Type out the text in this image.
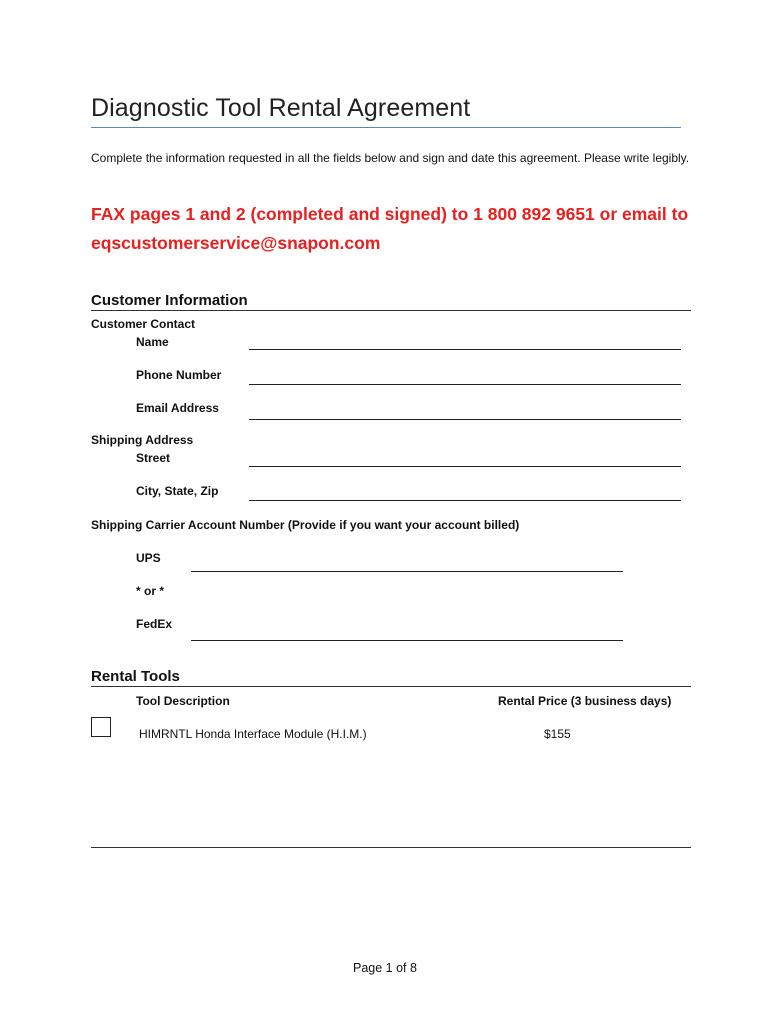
Diagnostic Tool Rental Agreement
Complete the information requested in all the fields below and sign and date this agreement. Please write legibly.
FAX pages 1 and 2 (completed and signed) to 1 800 892 9651 or email to eqscustomerservice@snapon.com
Customer Information
Customer Contact
Name
Phone Number
Email Address
Shipping Address
Street
City, State, Zip
Shipping Carrier Account Number (Provide if you want your account billed)
UPS
* or *
FedEx
Rental Tools
Tool Description	Rental Price (3 business days)
HIMRNTL Honda Interface Module (H.I.M.)	$155
Page 1 of 8
